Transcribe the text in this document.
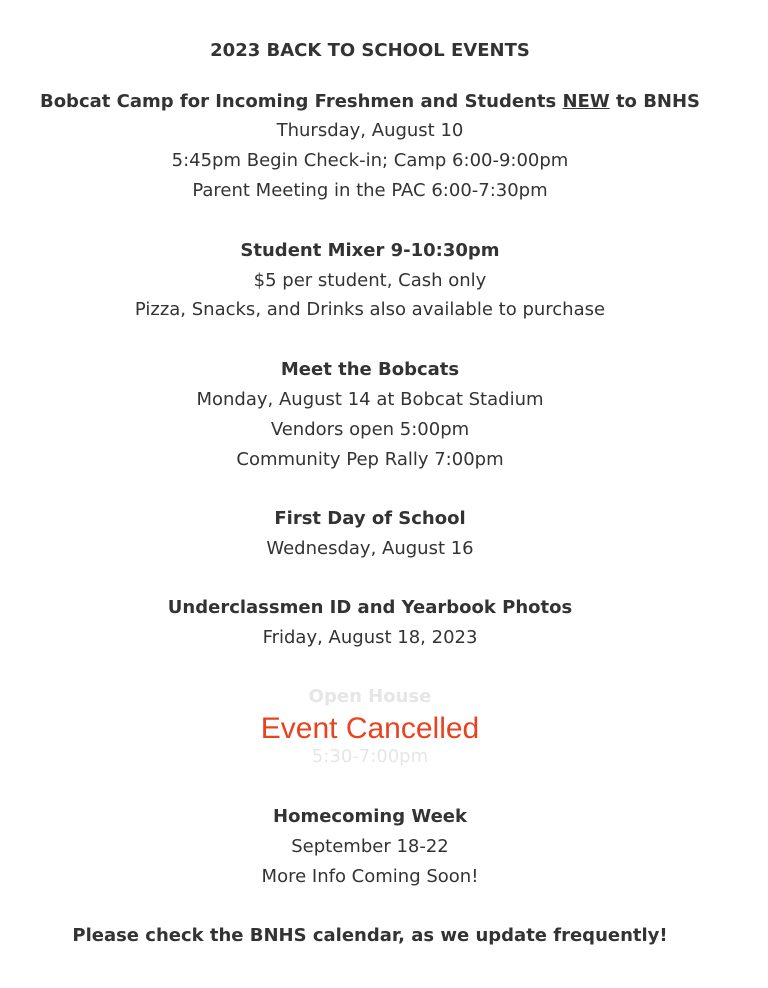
2023 BACK TO SCHOOL EVENTS
Bobcat Camp for Incoming Freshmen and Students NEW to BNHS
Thursday, August 10
5:45pm Begin Check-in; Camp 6:00-9:00pm
Parent Meeting in the PAC 6:00-7:30pm
Student Mixer 9-10:30pm
$5 per student, Cash only
Pizza, Snacks, and Drinks also available to purchase
Meet the Bobcats
Monday, August 14 at Bobcat Stadium
Vendors open 5:00pm
Community Pep Rally 7:00pm
First Day of School
Wednesday, August 16
Underclassmen ID and Yearbook Photos
Friday, August 18, 2023
Open House
5:30-7:00pm
Event Cancelled
Homecoming Week
September 18-22
More Info Coming Soon!
Please check the BNHS calendar, as we update frequently!
